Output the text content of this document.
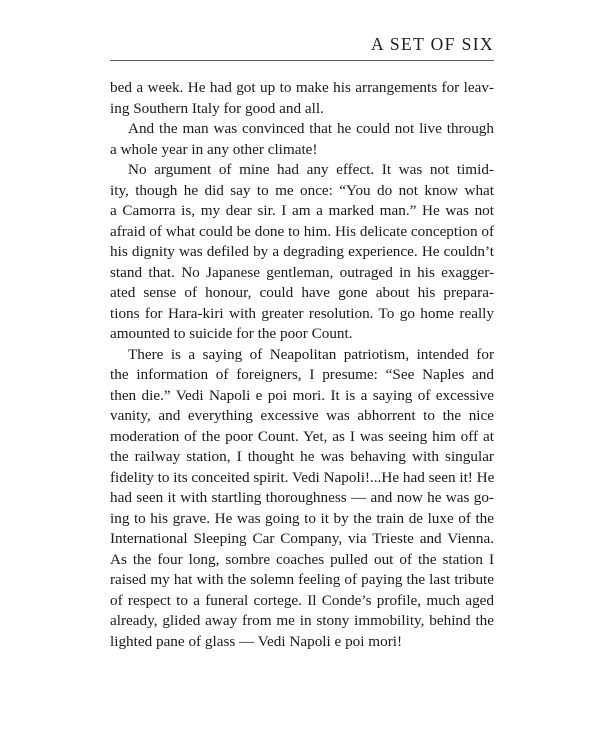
A SET OF SIX
bed a week. He had got up to make his arrangements for leav-
ing Southern Italy for good and all.
And the man was convinced that he could not live through
a whole year in any other climate!
No argument of mine had any effect. It was not timid-
ity, though he did say to me once: “You do not know what
a Camorra is, my dear sir. I am a marked man.” He was not
afraid of what could be done to him. His delicate conception of
his dignity was defiled by a degrading experience. He couldn’t
stand that. No Japanese gentleman, outraged in his exagger-
ated sense of honour, could have gone about his prepara-
tions for Hara-kiri with greater resolution. To go home really
amounted to suicide for the poor Count.
There is a saying of Neapolitan patriotism, intended for
the information of foreigners, I presume: “See Naples and
then die.” Vedi Napoli e poi mori. It is a saying of excessive
vanity, and everything excessive was abhorrent to the nice
moderation of the poor Count. Yet, as I was seeing him off at
the railway station, I thought he was behaving with singular
fidelity to its conceited spirit. Vedi Napoli!...He had seen it! He
had seen it with startling thoroughness — and now he was go-
ing to his grave. He was going to it by the train de luxe of the
International Sleeping Car Company, via Trieste and Vienna.
As the four long, sombre coaches pulled out of the station I
raised my hat with the solemn feeling of paying the last tribute
of respect to a funeral cortege. Il Conde’s profile, much aged
already, glided away from me in stony immobility, behind the
lighted pane of glass — Vedi Napoli e poi mori!
